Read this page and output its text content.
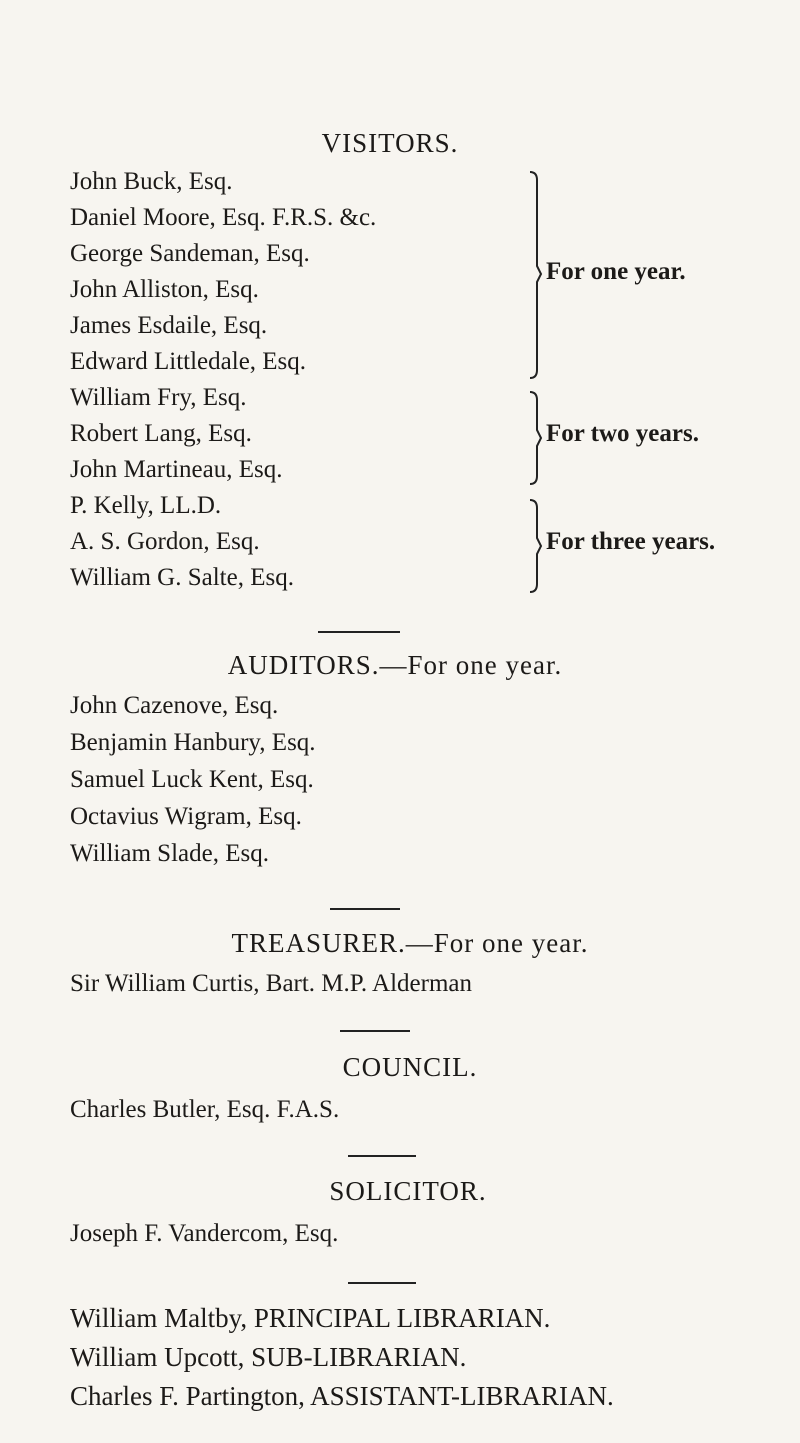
VISITORS.
John Buck, Esq.
Daniel Moore, Esq. F.R.S. &c.
George Sandeman, Esq.
John Alliston, Esq.
James Esdaile, Esq.
Edward Littledale, Esq.
William Fry, Esq.
Robert Lang, Esq.
John Martineau, Esq.
P. Kelly, LL.D.
A. S. Gordon, Esq.
William G. Salte, Esq.
For one year.
For two years.
For three years.
AUDITORS.—For one year.
John Cazenove, Esq.
Benjamin Hanbury, Esq.
Samuel Luck Kent, Esq.
Octavius Wigram, Esq.
William Slade, Esq.
TREASURER.—For one year.
Sir William Curtis, Bart. M.P. Alderman
COUNCIL.
Charles Butler, Esq. F.A.S.
SOLICITOR.
Joseph F. Vandercom, Esq.
William Maltby, PRINCIPAL LIBRARIAN.
William Upcott, SUB-LIBRARIAN.
Charles F. Partington, ASSISTANT-LIBRARIAN.
